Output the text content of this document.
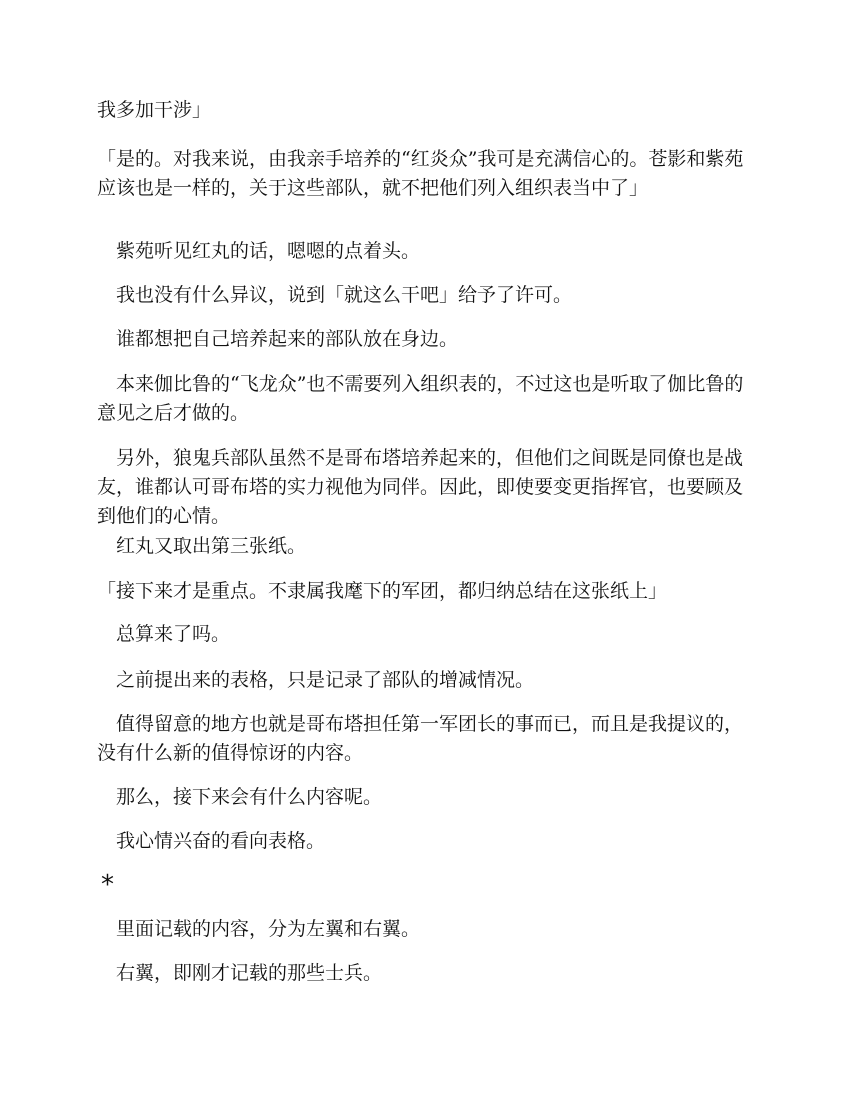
我多加干涉」

「是的。对我来说，由我亲手培养的“红炎众”我可是充满信心的。苍影和紫苑应该也是一样的，关于这些部队，就不把他们列入组织表当中了」

　紫苑听见红丸的话，嗯嗯的点着头。

　我也没有什么异议，说到「就这么干吧」给予了许可。

　谁都想把自己培养起来的部队放在身边。

　本来伽比鲁的“飞龙众”也不需要列入组织表的，不过这也是听取了伽比鲁的意见之后才做的。

　另外，狼鬼兵部队虽然不是哥布塔培养起来的，但他们之间既是同僚也是战友，谁都认可哥布塔的实力视他为同伴。因此，即使要变更指挥官，也要顾及到他们的心情。

　红丸又取出第三张纸。

「接下来才是重点。不隶属我麾下的军团，都归纳总结在这张纸上」

　总算来了吗。

　之前提出来的表格，只是记录了部队的增减情况。

　值得留意的地方也就是哥布塔担任第一军团长的事而已，而且是我提议的，没有什么新的值得惊讶的内容。

　那么，接下来会有什么内容呢。

　我心情兴奋的看向表格。

*

　里面记载的内容，分为左翼和右翼。

　右翼，即刚才记载的那些士兵。
